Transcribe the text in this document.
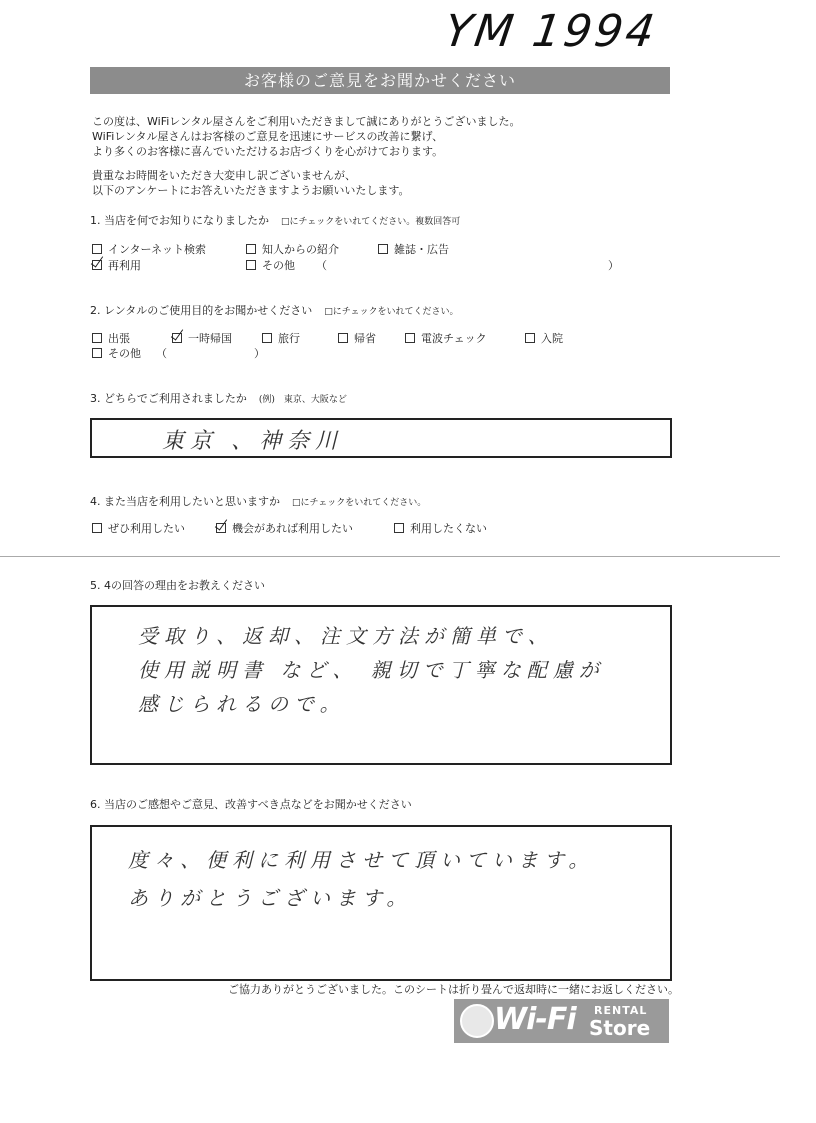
YM 1994
お客様のご意見をお聞かせください
この度は、WiFiレンタル屋さんをご利用いただきまして誠にありがとうございました。
WiFiレンタル屋さんはお客様のご意見を迅速にサービスの改善に繋げ、
より多くのお客様に喜んでいただけるお店づくりを心がけております。
貴重なお時間をいただき大変申し訳ございませんが、
以下のアンケートにお答えいただきますようお願いいたします。
1. 当店を何でお知りになりましたか □にチェックをいれてください。複数回答可
インターネット検索	知人からの紹介	雑誌・広告
再利用	その他 （	）
2. レンタルのご使用目的をお聞かせください □にチェックをいれてください。
出張	一時帰国	旅行	帰省	電波チェック	入院
その他 （	）
3. どちらでご利用されましたか (例)　東京、大阪など
東京 、神奈川
4. また当店を利用したいと思いますか □にチェックをいれてください。
ぜひ利用したい	機会があれば利用したい	利用したくない
5. 4の回答の理由をお教えください
受取り、返却、注文方法が簡単で、
使用説明書 など、 親切で丁寧な配慮が
感じられるので。
6. 当店のご感想やご意見、改善すべき点などをお聞かせください
度々、便利に利用させて頂いています。
ありがとうございます。
ご協力ありがとうございました。このシートは折り畳んで返却時に一緒にお返しください。
Wi-Fi RENTAL
Store
